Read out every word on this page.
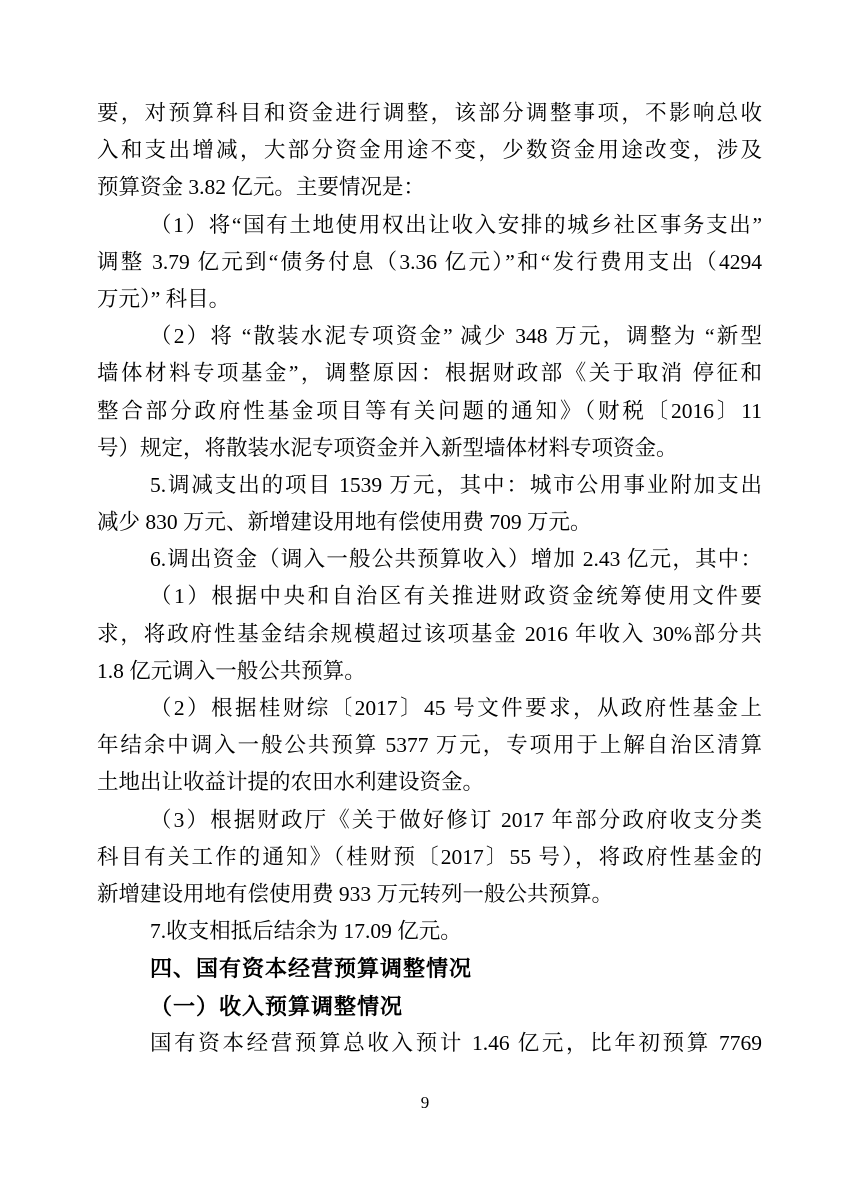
要，对预算科目和资金进行调整，该部分调整事项，不影响总收
入和支出增减，大部分资金用途不变，少数资金用途改变，涉及
预算资金 3.82 亿元。主要情况是：
（1）将“国有土地使用权出让收入安排的城乡社区事务支出”
调整 3.79 亿元到“债务付息（3.36 亿元）”和“发行费用支出（4294
万元）” 科目。
（2）将 “散装水泥专项资金” 减少 348 万元，调整为 “新型
墙体材料专项基金”，调整原因：根据财政部《关于取消 停征和
整合部分政府性基金项目等有关问题的通知》（财税〔2016〕11
号）规定，将散装水泥专项资金并入新型墙体材料专项资金。
5.调减支出的项目 1539 万元，其中：城市公用事业附加支出
减少 830 万元、新增建设用地有偿使用费 709 万元。
6.调出资金（调入一般公共预算收入）增加 2.43 亿元，其中：
（1）根据中央和自治区有关推进财政资金统筹使用文件要
求，将政府性基金结余规模超过该项基金 2016 年收入 30%部分共
1.8 亿元调入一般公共预算。
（2）根据桂财综〔2017〕45 号文件要求，从政府性基金上
年结余中调入一般公共预算 5377 万元，专项用于上解自治区清算
土地出让收益计提的农田水利建设资金。
（3）根据财政厅《关于做好修订 2017 年部分政府收支分类
科目有关工作的通知》（桂财预〔2017〕55 号），将政府性基金的
新增建设用地有偿使用费 933 万元转列一般公共预算。
7.收支相抵后结余为 17.09 亿元。
四、国有资本经营预算调整情况
（一）收入预算调整情况
国有资本经营预算总收入预计 1.46 亿元，比年初预算 7769
9
